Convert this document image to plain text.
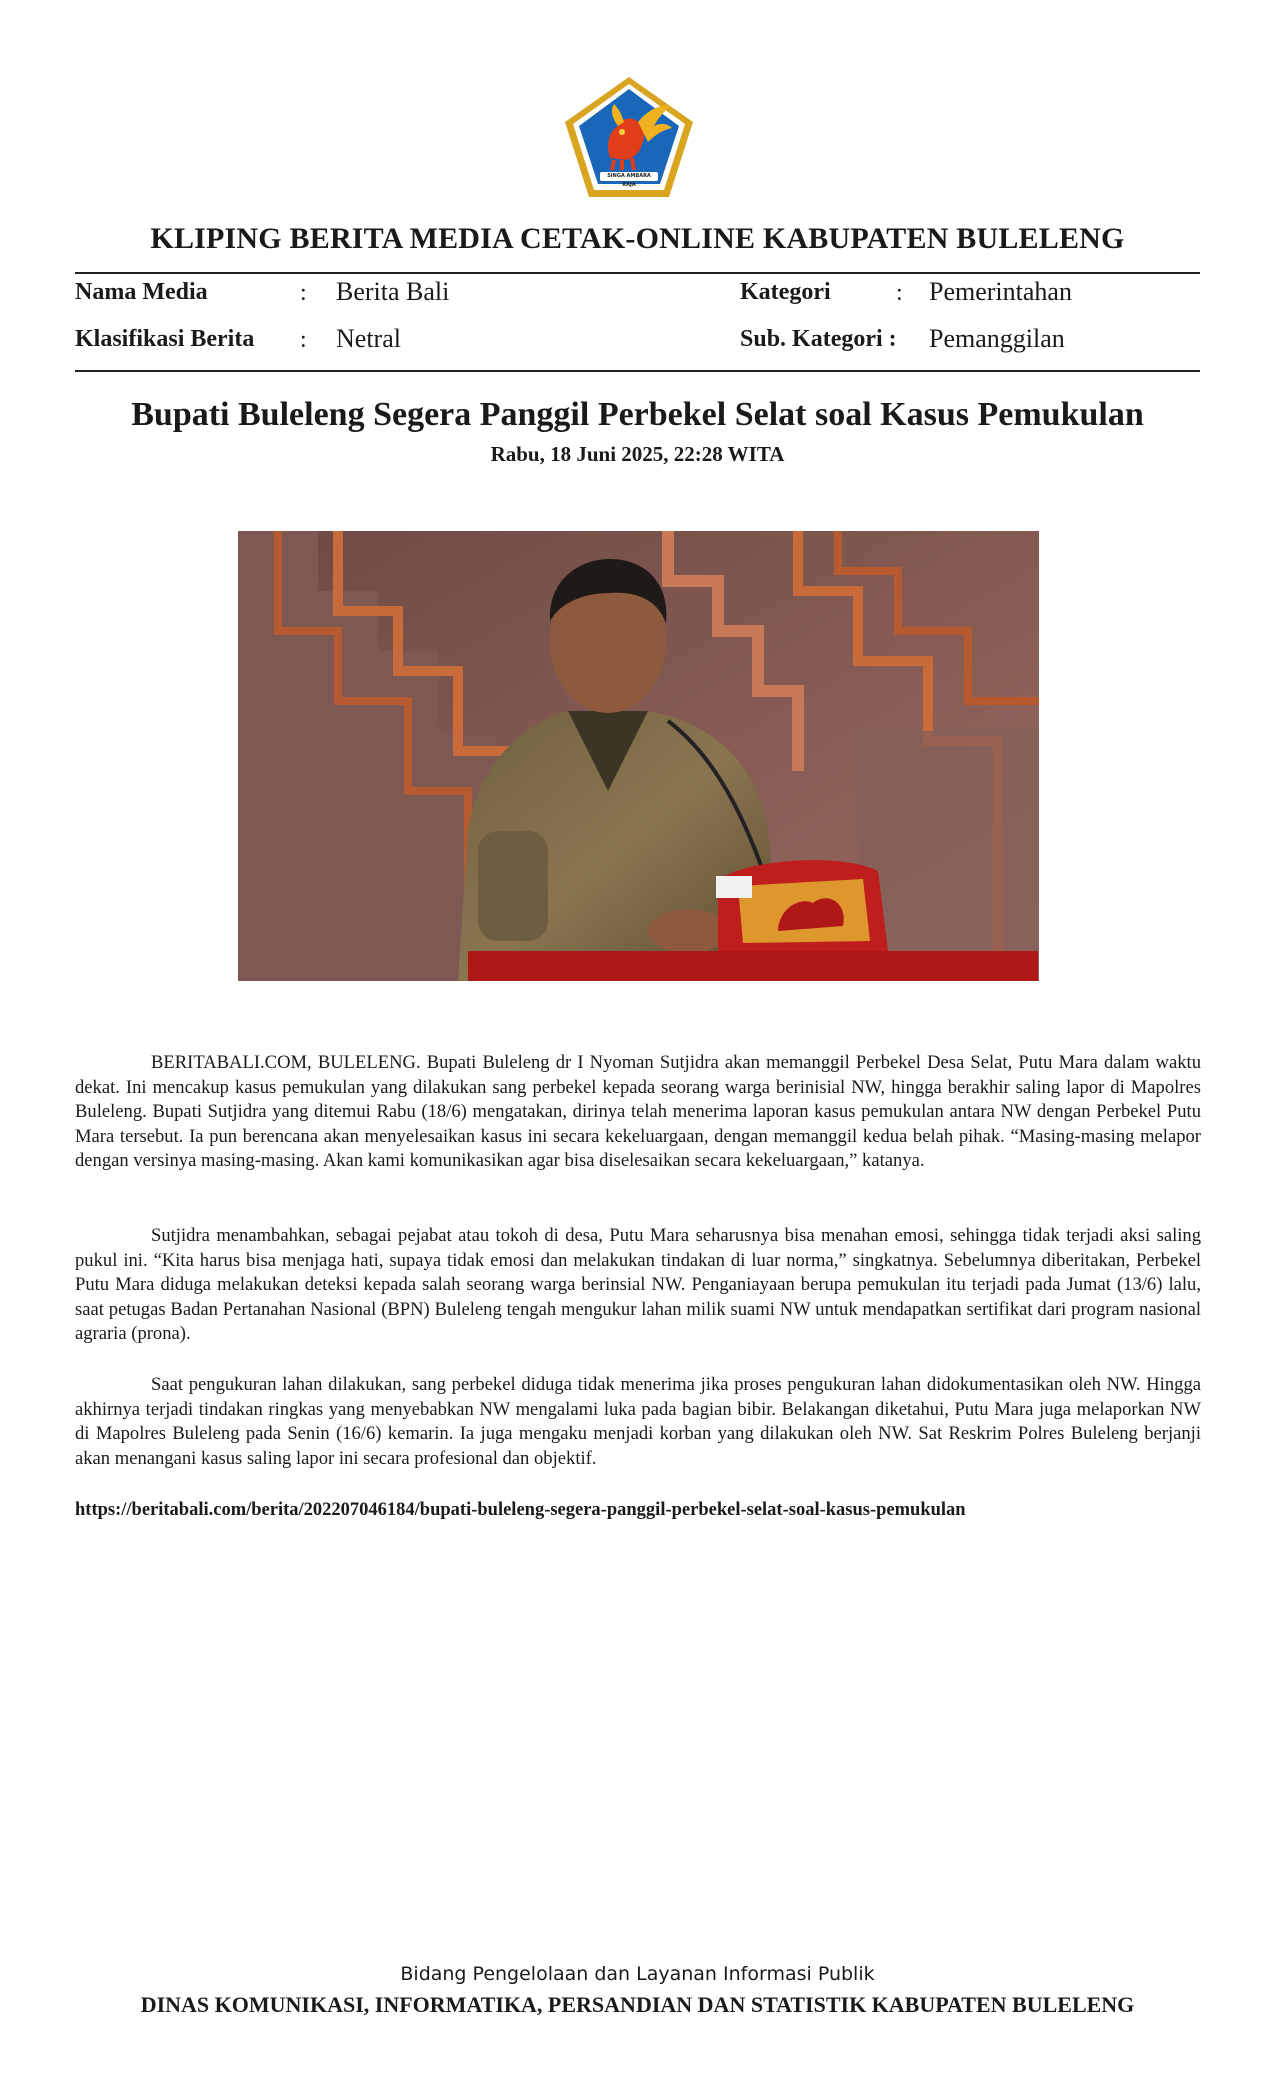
SINGA AMBARA RAJA
KLIPING BERITA MEDIA CETAK-ONLINE KABUPATEN BULELENG
Nama Media	: Berita Bali	Kategori	: Pemerintahan
Klasifikasi Berita : Netral	Sub. Kategori : Pemanggilan
Bupati Buleleng Segera Panggil Perbekel Selat soal Kasus Pemukulan
Rabu, 18 Juni 2025, 22:28 WITA

BERITABALI.COM, BULELENG. Bupati Buleleng dr I Nyoman Sutjidra akan memanggil Perbekel Desa Selat, Putu Mara dalam waktu dekat. Ini mencakup kasus pemukulan yang dilakukan sang perbekel kepada seorang warga berinisial NW, hingga berakhir saling lapor di Mapolres Buleleng. Bupati Sutjidra yang ditemui Rabu (18/6) mengatakan, dirinya telah menerima laporan kasus pemukulan antara NW dengan Perbekel Putu Mara tersebut. Ia pun berencana akan menyelesaikan kasus ini secara kekeluargaan, dengan memanggil kedua belah pihak. “Masing-masing melapor dengan versinya masing-masing. Akan kami komunikasikan agar bisa diselesaikan secara kekeluargaan,” katanya.

Sutjidra menambahkan, sebagai pejabat atau tokoh di desa, Putu Mara seharusnya bisa menahan emosi, sehingga tidak terjadi aksi saling pukul ini. “Kita harus bisa menjaga hati, supaya tidak emosi dan melakukan tindakan di luar norma,” singkatnya. Sebelumnya diberitakan, Perbekel Putu Mara diduga melakukan deteksi kepada salah seorang warga berinsial NW. Penganiayaan berupa pemukulan itu terjadi pada Jumat (13/6) lalu, saat petugas Badan Pertanahan Nasional (BPN) Buleleng tengah mengukur lahan milik suami NW untuk mendapatkan sertifikat dari program nasional agraria (prona).

Saat pengukuran lahan dilakukan, sang perbekel diduga tidak menerima jika proses pengukuran lahan didokumentasikan oleh NW. Hingga akhirnya terjadi tindakan ringkas yang menyebabkan NW mengalami luka pada bagian bibir. Belakangan diketahui, Putu Mara juga melaporkan NW di Mapolres Buleleng pada Senin (16/6) kemarin. Ia juga mengaku menjadi korban yang dilakukan oleh NW. Sat Reskrim Polres Buleleng berjanji akan menangani kasus saling lapor ini secara profesional dan objektif.

https://beritabali.com/berita/202207046184/bupati-buleleng-segera-panggil-perbekel-selat-soal-kasus-pemukulan
Bidang Pengelolaan dan Layanan Informasi Publik
DINAS KOMUNIKASI, INFORMATIKA, PERSANDIAN DAN STATISTIK KABUPATEN BULELENG
